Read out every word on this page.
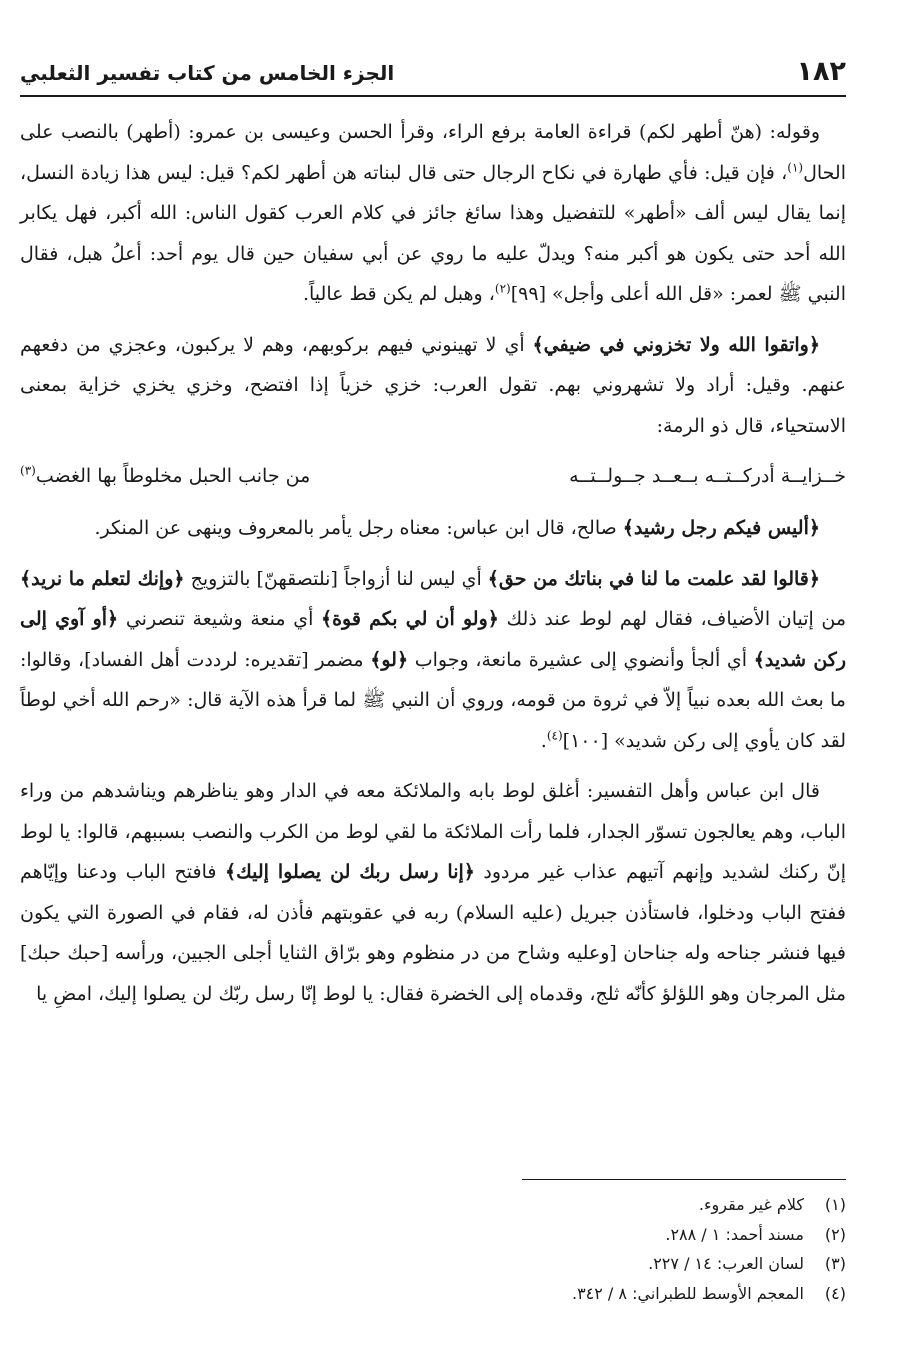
١٨٢
الجزء الخامس من كتاب تفسير الثعلبي

وقوله: (هنّ أطهر لكم) قراءة العامة برفع الراء، وقرأ الحسن وعيسى بن عمرو: (أطهر) بالنصب على الحال$^{(١)}$، فإن قيل: فأي طهارة في نكاح الرجال حتى قال لبناته هن أطهر لكم؟ قيل: ليس هذا زيادة النسل، إنما يقال ليس ألف «أطهر» للتفضيل وهذا سائغ جائز في كلام العرب كقول الناس: الله أكبر، فهل يكابر الله أحد حتى يكون هو أكبر منه؟ ويدلّ عليه ما روي عن أبي سفيان حين قال يوم أحد: أعلُ هبل، فقال النبي ﷺ لعمر: «قل الله أعلى وأجل» [٩٩]$^{(٢)}$، وهبل لم يكن قط عالياً.

﴿واتقوا الله ولا تخزوني في ضيفي﴾ أي لا تهينوني فيهم بركوبهم، وهم لا يركبون، وعجزي من دفعهم عنهم. وقيل: أراد ولا تشهروني بهم. تقول العرب: خزي خزياً إذا افتضح، وخزي يخزي خزاية بمعنى الاستحياء، قال ذو الرمة:

خــزايــة أدركــتــه بــعــد جــولــتــه
من جانب الحبل مخلوطاً بها الغضب$^{(٣)}$

﴿أليس فيكم رجل رشيد﴾ صالح، قال ابن عباس: معناه رجل يأمر بالمعروف وينهى عن المنكر.

﴿قالوا لقد علمت ما لنا في بناتك من حق﴾ أي ليس لنا أزواجاً [نلتصقهنّ] بالتزويج ﴿وإنك لتعلم ما نريد﴾ من إتيان الأضياف، فقال لهم لوط عند ذلك ﴿ولو أن لي بكم قوة﴾ أي منعة وشيعة تنصرني ﴿أو آوي إلى ركن شديد﴾ أي ألجأ وأنضوي إلى عشيرة مانعة، وجواب ﴿لو﴾ مضمر [تقديره: لرددت أهل الفساد]، وقالوا: ما بعث الله بعده نبياً إلاّ في ثروة من قومه، وروي أن النبي ﷺ لما قرأ هذه الآية قال: «رحم الله أخي لوطاً لقد كان يأوي إلى ركن شديد» [١٠٠]$^{(٤)}$.

قال ابن عباس وأهل التفسير: أغلق لوط بابه والملائكة معه في الدار وهو يناظرهم ويناشدهم من وراء الباب، وهم يعالجون تسوّر الجدار، فلما رأت الملائكة ما لقي لوط من الكرب والنصب بسببهم، قالوا: يا لوط إنّ ركنك لشديد وإنهم آتيهم عذاب غير مردود ﴿إنا رسل ربك لن يصلوا إليك﴾ فافتح الباب ودعنا وإيّاهم ففتح الباب ودخلوا، فاستأذن جبريل (عليه السلام) ربه في عقوبتهم فأذن له، فقام في الصورة التي يكون فيها فنشر جناحه وله جناحان [وعليه وشاح من در منظوم وهو برّاق الثنايا أجلى الجبين، ورأسه [حبك حبك] مثل المرجان وهو اللؤلؤ كأنّه ثلج، وقدماه إلى الخضرة فقال: يا لوط إنّا رسل ربّك لن يصلوا إليك، امضِ يا

(١)
كلام غير مقروء.
(٢)
مسند أحمد: ١ / ٢٨٨.
(٣)
لسان العرب: ١٤ / ٢٢٧.
(٤)
المعجم الأوسط للطبراني: ٨ / ٣٤٢.
